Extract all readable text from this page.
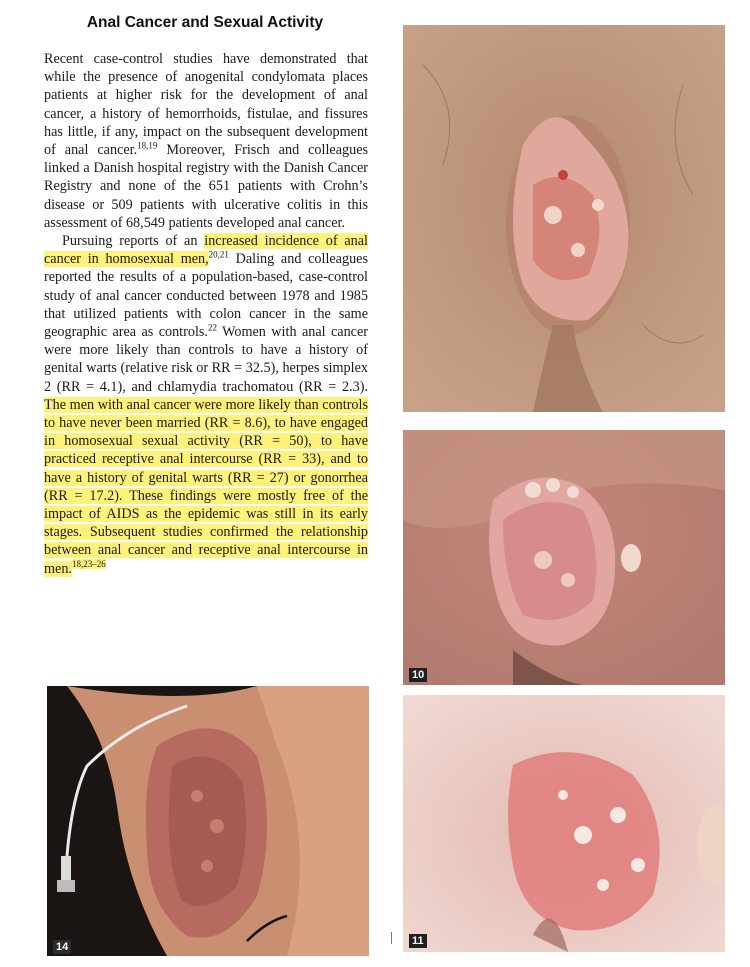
Anal Cancer and Sexual Activity

Recent case-control studies have demonstrated that while the presence of anogenital condylomata places patients at higher risk for the development of anal cancer, a history of hemorrhoids, fistulae, and fissures has little, if any, impact on the subsequent development of anal cancer.$^{18,19}$ Moreover, Frisch and colleagues linked a Danish hospital registry with the Danish Cancer Registry and none of the 651 patients with Crohn’s disease or 509 patients with ulcerative colitis in this assessment of 68,549 patients developed anal cancer.

Pursuing reports of an increased incidence of anal cancer in homosexual men,$^{20,21}$ Daling and colleagues reported the results of a population-based, case-control study of anal cancer conducted between 1978 and 1985 that utilized patients with colon cancer in the same geographic area as controls.$^{22}$ Women with anal cancer were more likely than controls to have a history of genital warts (relative risk or RR = 32.5), herpes simplex 2 (RR = 4.1), and chlamydia trachomatou (RR = 2.3). The men with anal cancer were more likely than controls to have never been married (RR = 8.6), to have engaged in homosexual sexual activity (RR = 50), to have practiced receptive anal intercourse (RR = 33), and to have a history of genital warts (RR = 27) or gonorrhea (RR = 17.2). These findings were mostly free of the impact of AIDS as the epidemic was still in its early stages. Subsequent studies confirmed the relationship between anal cancer and receptive anal intercourse in men.$^{18,23-26}$

10
14	11
